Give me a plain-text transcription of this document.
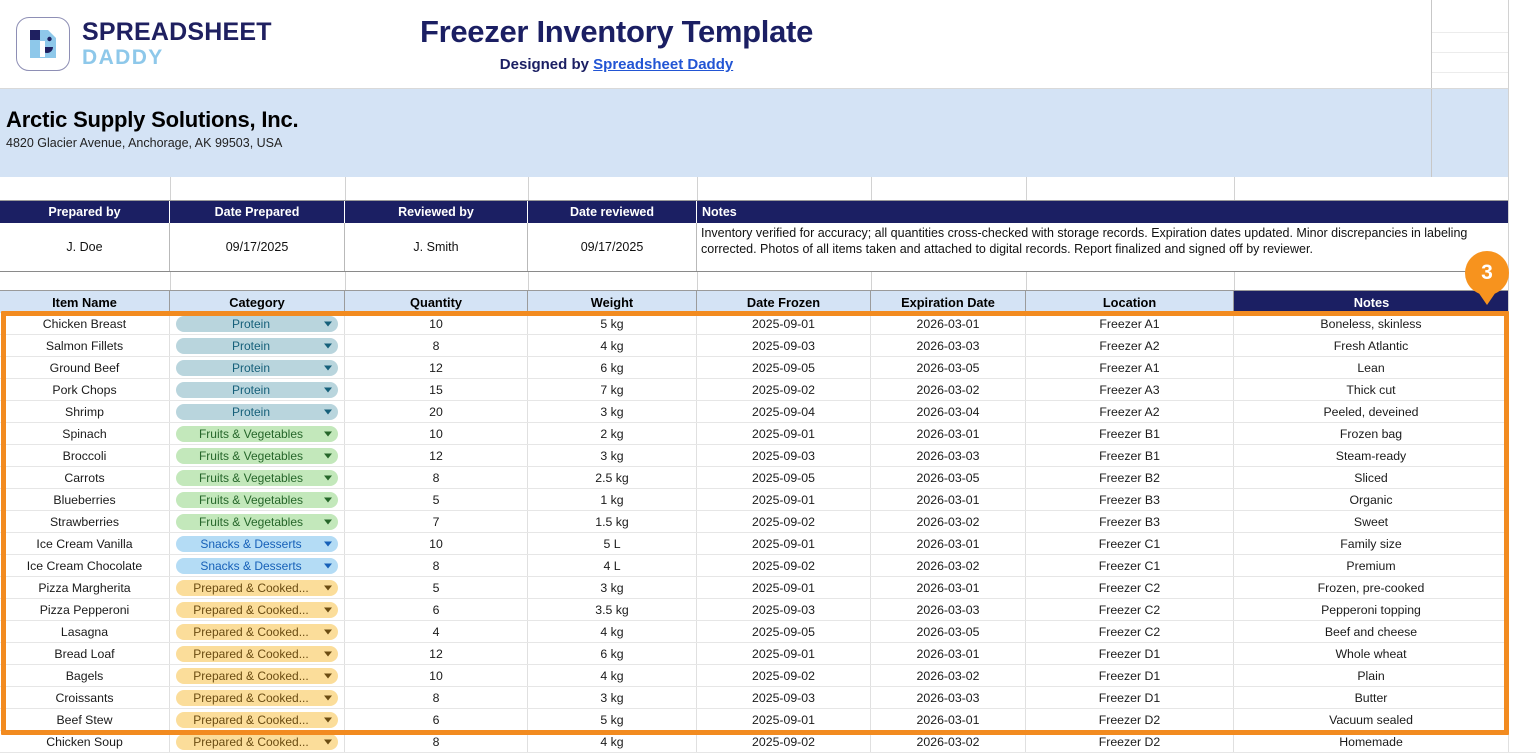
SPREADSHEET
DADDY
Freezer Inventory Template
Designed by Spreadsheet Daddy
Arctic Supply Solutions, Inc.
4820 Glacier Avenue, Anchorage, AK 99503, USA
Prepared by	Date Prepared	Reviewed by	Date reviewed	Notes
J. Doe	09/17/2025	J. Smith	09/17/2025
Inventory verified for accuracy; all quantities cross-checked with storage records. Expiration dates updated. Minor discrepancies in labeling corrected. Photos of all items taken and attached to digital records. Report finalized and signed off by reviewer.
Item Name	Category	Quantity	Weight	Date Frozen	Expiration Date	Location	Notes
Chicken Breast	Protein	10	5 kg	2025-09-01	2026-03-01	Freezer A1	Boneless, skinless
Salmon Fillets	Protein	8	4 kg	2025-09-03	2026-03-03	Freezer A2	Fresh Atlantic
Ground Beef	Protein	12	6 kg	2025-09-05	2026-03-05	Freezer A1	Lean
Pork Chops	Protein	15	7 kg	2025-09-02	2026-03-02	Freezer A3	Thick cut
Shrimp	Protein	20	3 kg	2025-09-04	2026-03-04	Freezer A2	Peeled, deveined
Spinach	Fruits & Vegetables	10	2 kg	2025-09-01	2026-03-01	Freezer B1	Frozen bag
Broccoli	Fruits & Vegetables	12	3 kg	2025-09-03	2026-03-03	Freezer B1	Steam-ready
Carrots	Fruits & Vegetables	8	2.5 kg	2025-09-05	2026-03-05	Freezer B2	Sliced
Blueberries	Fruits & Vegetables	5	1 kg	2025-09-01	2026-03-01	Freezer B3	Organic
Strawberries	Fruits & Vegetables	7	1.5 kg	2025-09-02	2026-03-02	Freezer B3	Sweet
Ice Cream Vanilla	Snacks & Desserts	10	5 L	2025-09-01	2026-03-01	Freezer C1	Family size
Ice Cream Chocolate	Snacks & Desserts	8	4 L	2025-09-02	2026-03-02	Freezer C1	Premium
Pizza Margherita	Prepared & Cooked...	5	3 kg	2025-09-01	2026-03-01	Freezer C2	Frozen, pre-cooked
Pizza Pepperoni	Prepared & Cooked...	6	3.5 kg	2025-09-03	2026-03-03	Freezer C2	Pepperoni topping
Lasagna	Prepared & Cooked...	4	4 kg	2025-09-05	2026-03-05	Freezer C2	Beef and cheese
Bread Loaf	Prepared & Cooked...	12	6 kg	2025-09-01	2026-03-01	Freezer D1	Whole wheat
Bagels	Prepared & Cooked...	10	4 kg	2025-09-02	2026-03-02	Freezer D1	Plain
Croissants	Prepared & Cooked...	8	3 kg	2025-09-03	2026-03-03	Freezer D1	Butter
Beef Stew	Prepared & Cooked...	6	5 kg	2025-09-01	2026-03-01	Freezer D2	Vacuum sealed
Chicken Soup	Prepared & Cooked...	8	4 kg	2025-09-02	2026-03-02	Freezer D2	Homemade
3
